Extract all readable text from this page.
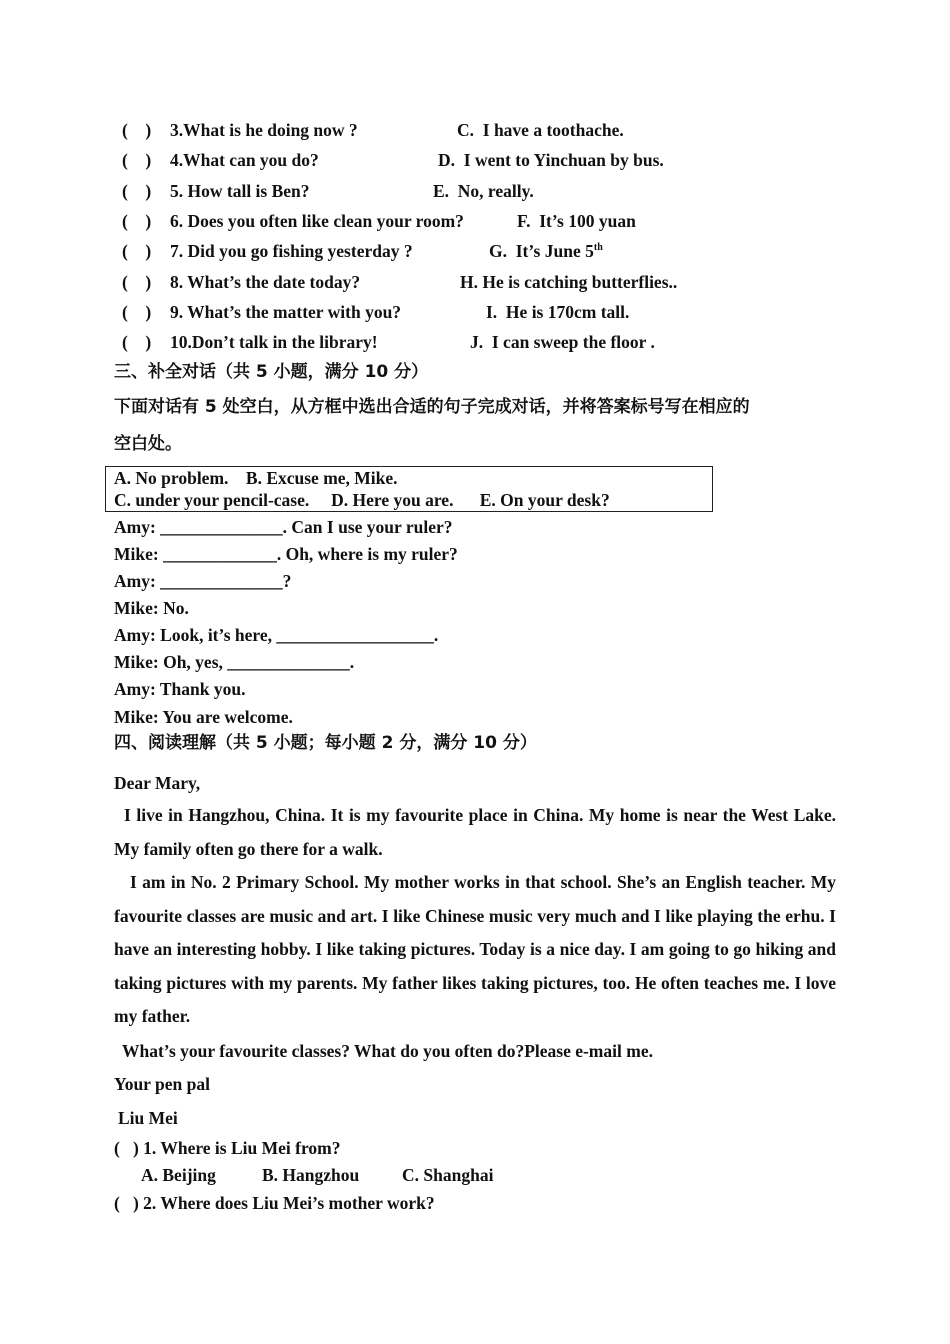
(    ) 3.What is he doing now ?	C.  I have a toothache.
(    ) 4.What can you do?	D.  I went to Yinchuan by bus.
(    ) 5. How tall is Ben?	E.  No, really.
(    ) 6. Does you often like clean your room?	F.  It’s 100 yuan
(    ) 7. Did you go fishing yesterday ?	G.  It’s June 5th
(    ) 8. What’s the date today?	H. He is catching butterflies..
(    ) 9. What’s the matter with you?	I.  He is 170cm tall.
(    ) 10.Don’t talk in the library!	J.  I can sweep the floor .
三、补全对话（共 5 小题，满分 10 分）
下面对话有 5 处空白，从方框中选出合适的句子完成对话，并将答案标号写在相应的
空白处。
A. No problem.    B. Excuse me, Mike.
C. under your pencil-case.     D. Here you are.      E. On your desk?
Amy: ______________. Can I use your ruler?
Mike: _____________. Oh, where is my ruler?
Amy: ______________?
Mike: No.
Amy: Look, it’s here, __________________.
Mike: Oh, yes, ______________.
Amy: Thank you.
Mike: You are welcome.
四、阅读理解（共 5 小题；每小题 2 分，满分 10 分）
Dear Mary,
I live in Hangzhou, China. It is my favourite place in China. My home is near the West Lake. My family often go there for a walk.
I am in No. 2 Primary School. My mother works in that school. She’s an English teacher. My favourite classes are music and art. I like Chinese music very much and I like playing the erhu. I have an interesting hobby. I like taking pictures. Today is a nice day. I am going to go hiking and taking pictures with my parents. My father likes taking pictures, too. He often teaches me. I love my father.
What’s your favourite classes? What do you often do?Please e-mail me.
Your pen pal
Liu Mei
(   ) 1. Where is Liu Mei from?
A. Beijing	B. Hangzhou C. Shanghai
(   ) 2. Where does Liu Mei’s mother work?
